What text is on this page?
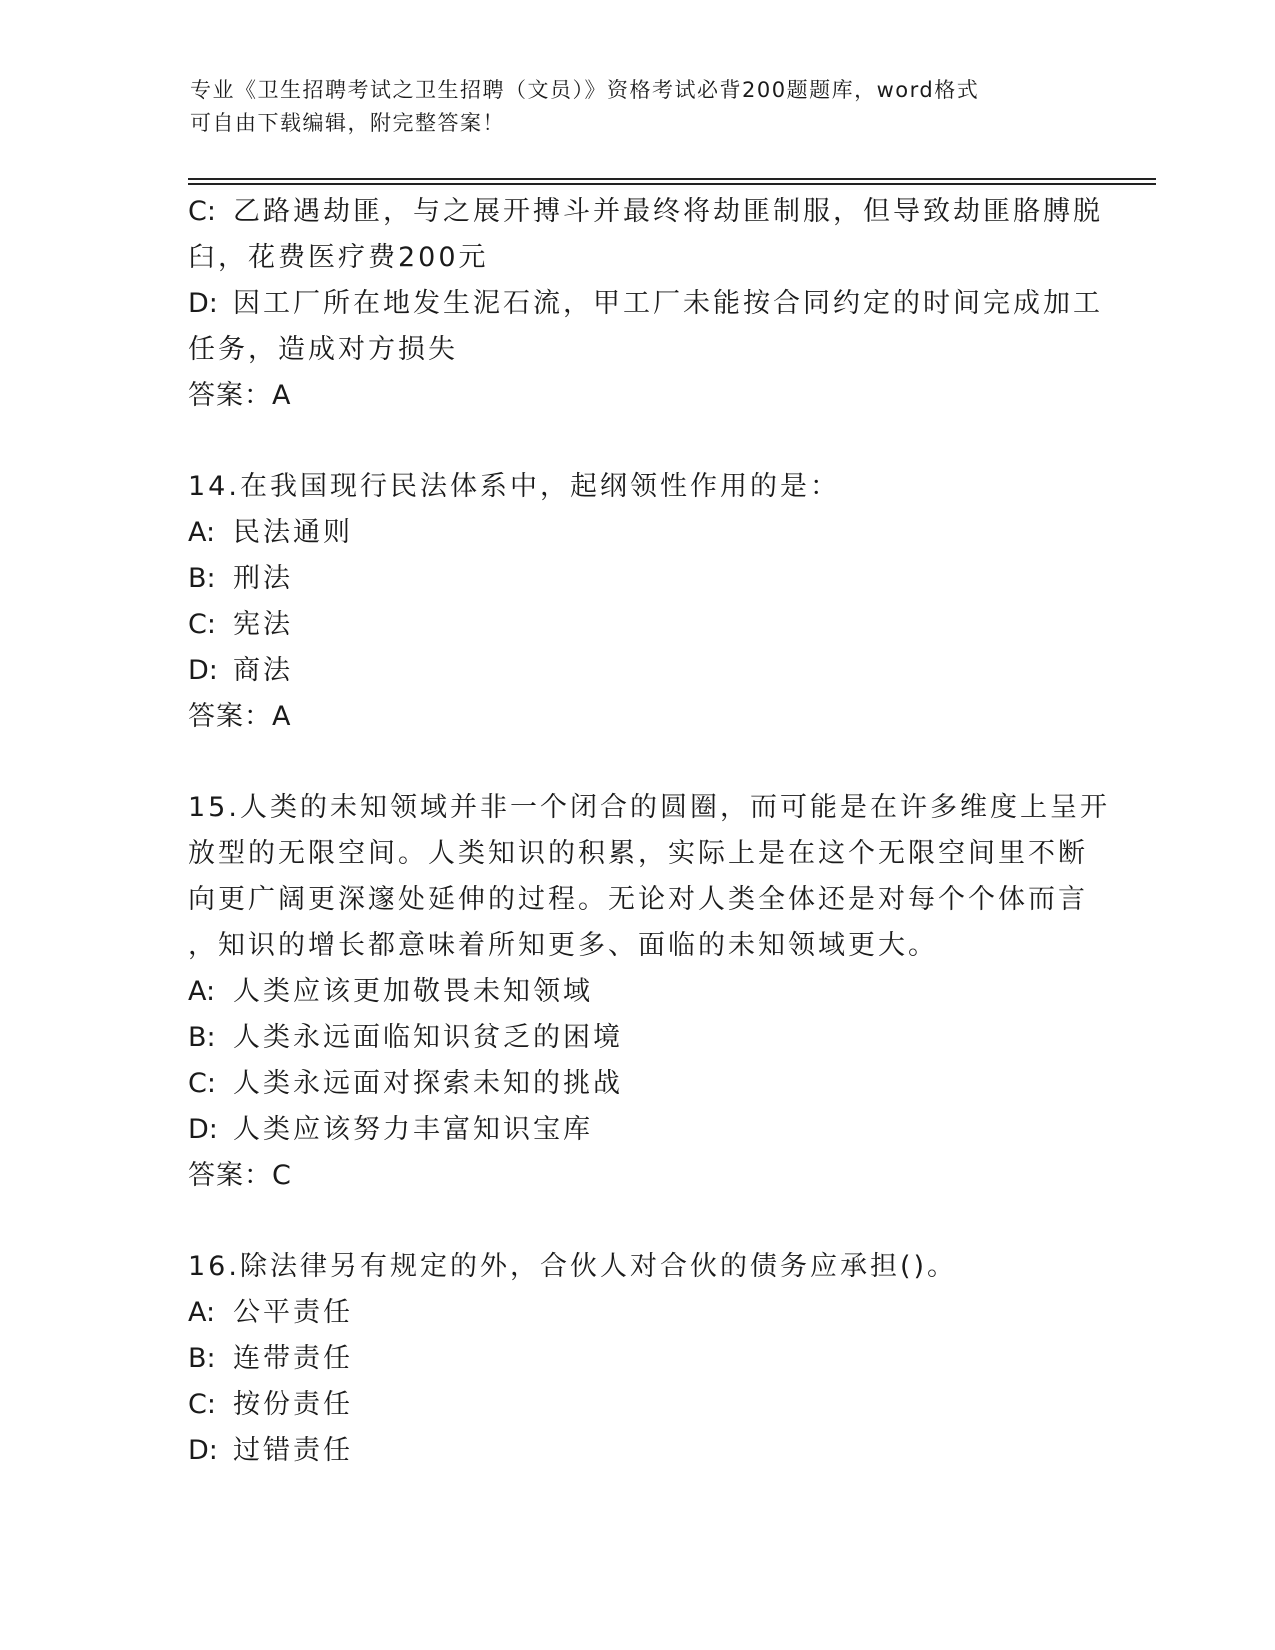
专业《卫生招聘考试之卫生招聘（文员）》资格考试必背200题题库，word格式
可自由下载编辑，附完整答案！

C: 乙路遇劫匪，与之展开搏斗并最终将劫匪制服，但导致劫匪胳膊脱

臼，花费医疗费200元

D: 因工厂所在地发生泥石流，甲工厂未能按合同约定的时间完成加工

任务，造成对方损失

答案：A

14.在我国现行民法体系中，起纲领性作用的是：

A: 民法通则

B: 刑法

C: 宪法

D: 商法

答案：A

15.人类的未知领域并非一个闭合的圆圈，而可能是在许多维度上呈开

放型的无限空间。人类知识的积累，实际上是在这个无限空间里不断

向更广阔更深邃处延伸的过程。无论对人类全体还是对每个个体而言

，知识的增长都意味着所知更多、面临的未知领域更大。

A: 人类应该更加敬畏未知领域

B: 人类永远面临知识贫乏的困境

C: 人类永远面对探索未知的挑战

D: 人类应该努力丰富知识宝库

答案：C

16.除法律另有规定的外，合伙人对合伙的债务应承担()。

A: 公平责任

B: 连带责任

C: 按份责任

D: 过错责任
